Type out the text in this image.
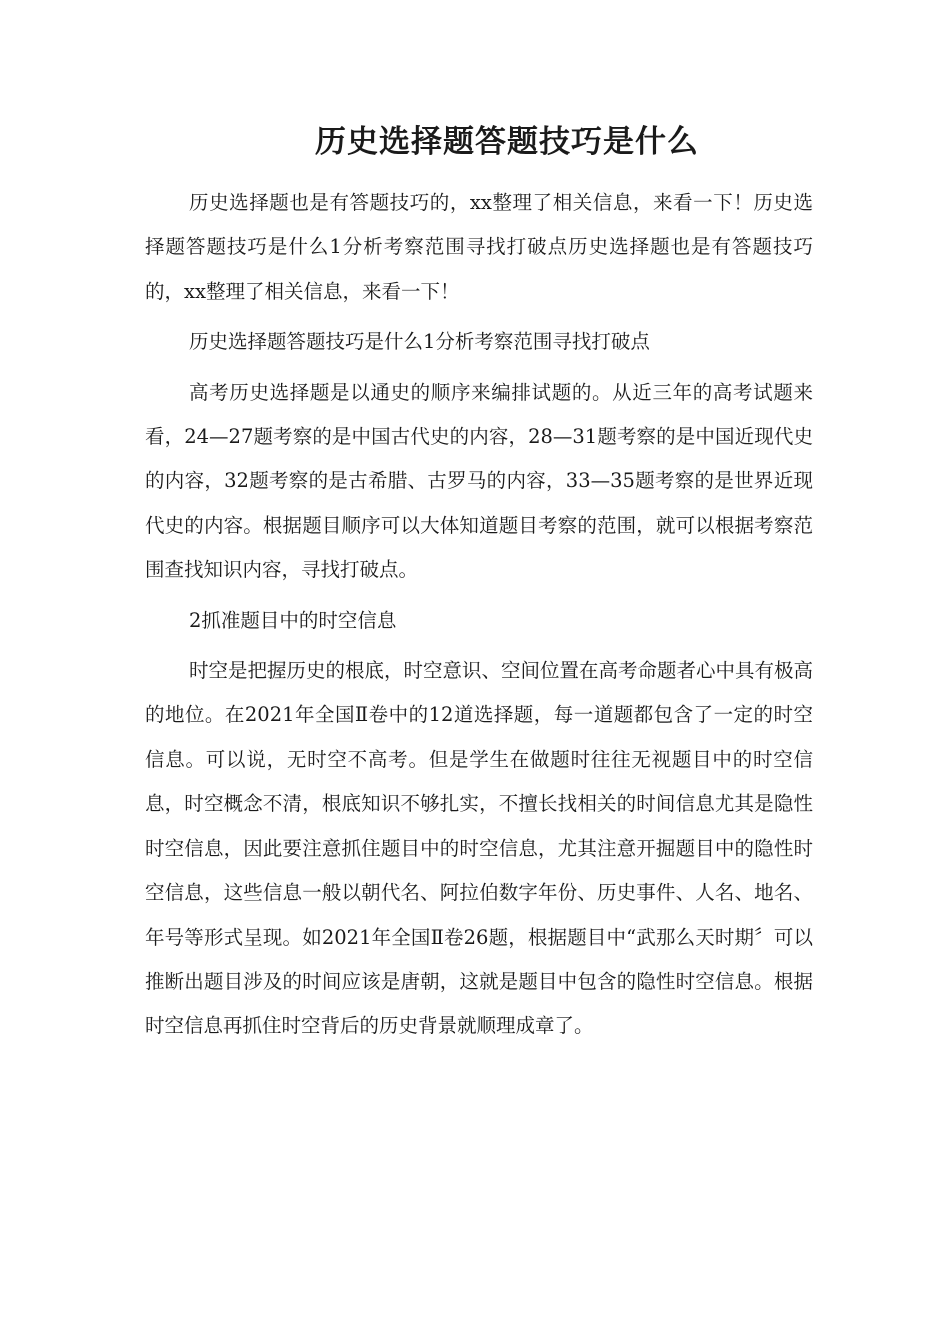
历史选择题答题技巧是什么

历史选择题也是有答题技巧的，xx整理了相关信息，来看一下！历史选择题答题技巧是什么1分析考察范围寻找打破点历史选择题也是有答题技巧的，xx整理了相关信息，来看一下！

历史选择题答题技巧是什么1分析考察范围寻找打破点

高考历史选择题是以通史的顺序来编排试题的。从近三年的高考试题来看，24—27题考察的是中国古代史的内容，28—31题考察的是中国近现代史的内容，32题考察的是古希腊、古罗马的内容，33—35题考察的是世界近现代史的内容。根据题目顺序可以大体知道题目考察的范围，就可以根据考察范围查找知识内容，寻找打破点。

2抓准题目中的时空信息

时空是把握历史的根底，时空意识、空间位置在高考命题者心中具有极高的地位。在2021年全国Ⅱ卷中的12道选择题，每一道题都包含了一定的时空信息。可以说，无时空不高考。但是学生在做题时往往无视题目中的时空信息，时空概念不清，根底知识不够扎实，不擅长找相关的时间信息尤其是隐性时空信息，因此要注意抓住题目中的时空信息，尤其注意开掘题目中的隐性时空信息，这些信息一般以朝代名、阿拉伯数字年份、历史事件、人名、地名、年号等形式呈现。如2021年全国Ⅱ卷26题，根据题目中“武那么天时期〞可以推断出题目涉及的时间应该是唐朝，这就是题目中包含的隐性时空信息。根据时空信息再抓住时空背后的历史背景就顺理成章了。
